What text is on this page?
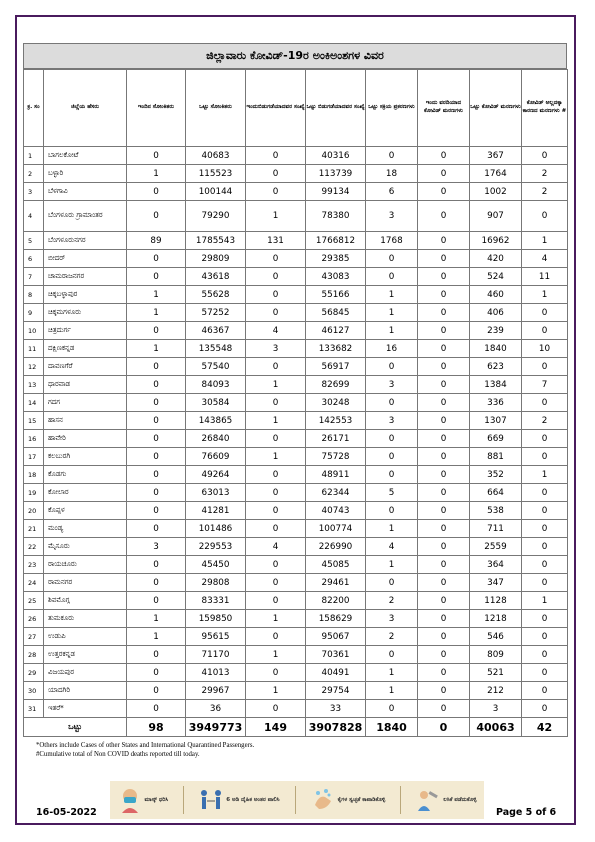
ಜಿಲ್ಲಾವಾರು ಕೋವಿಡ್-19ರ ಅಂಕಿಅಂಶಗಳ ವಿವರ
ಕ್ರ. ಸಂ	ಜಿಲ್ಲೆಯ ಹೆಸರು	ಇಂದಿನ ಸೋಂಕಿತರು	ಒಟ್ಟು ಸೋಂಕಿತರು	ಇಂದುಬಿಡುಗಡೆಯಾದವರ ಸಂಖ್ಯೆ	ಒಟ್ಟು ಬಿಡುಗಡೆಯಾದವರ ಸಂಖ್ಯೆ	ಒಟ್ಟು ಸಕ್ರಿಯ ಪ್ರಕರಣಗಳು	ಇಂದು ವರದಿಯಾದ ಕೋವಿಡ್ ಮರಣಗಳು	ಒಟ್ಟು ಕೋವಿಡ್ ಮರಣಗಳು	ಕೋವಿಡ್ ಅಲ್ಲದಕ್ಕಾ ಕಾರಣದ ಮರಣಗಳು #
1	ಬಾಗಲಕೋಟೆ	0	40683	0	40316	0	0	367	0
2	ಬಳ್ಳಾರಿ	1	115523	0	113739	18	0	1764	2
3	ಬೆಳಗಾವಿ	0	100144	0	99134	6	0	1002	2
4	ಬೆಂಗಳೂರು ಗ್ರಾಮಾಂತರ	0	79290	1	78380	3	0	907	0
5	ಬೆಂಗಳೂರುನಗರ	89	1785543	131	1766812	1768	0	16962	1
6	ಬೀದರ್	0	29809	0	29385	0	0	420	4
7	ಚಾಮರಾಜನಗರ	0	43618	0	43083	0	0	524	11
8	ಚಿಕ್ಕಬಳ್ಳಾಪುರ	1	55628	0	55166	1	0	460	1
9	ಚಿಕ್ಕಮಗಳೂರು	1	57252	0	56845	1	0	406	0
10	ಚಿತ್ರದುರ್ಗ	0	46367	4	46127	1	0	239	0
11	ದಕ್ಷಿಣಕನ್ನಡ	1	135548	3	133682	16	0	1840	10
12	ದಾವಣಗೆರೆ	0	57540	0	56917	0	0	623	0
13	ಧಾರವಾಡ	0	84093	1	82699	3	0	1384	7
14	ಗದಗ	0	30584	0	30248	0	0	336	0
15	ಹಾಸನ	0	143865	1	142553	3	0	1307	2
16	ಹಾವೇರಿ	0	26840	0	26171	0	0	669	0
17	ಕಲಬುರಗಿ	0	76609	1	75728	0	0	881	0
18	ಕೊಡಗು	0	49264	0	48911	0	0	352	1
19	ಕೋಲಾರ	0	63013	0	62344	5	0	664	0
20	ಕೊಪ್ಪಳ	0	41281	0	40743	0	0	538	0
21	ಮಂಡ್ಯ	0	101486	0	100774	1	0	711	0
22	ಮೈಸೂರು	3	229553	4	226990	4	0	2559	0
23	ರಾಯಚೂರು	0	45450	0	45085	1	0	364	0
24	ರಾಮನಗರ	0	29808	0	29461	0	0	347	0
25	ಶಿವಮೊಗ್ಗ	0	83331	0	82200	2	0	1128	1
26	ತುಮಕೂರು	1	159850	1	158629	3	0	1218	0
27	ಉಡುಪಿ	1	95615	0	95067	2	0	546	0
28	ಉತ್ತರಕನ್ನಡ	0	71170	1	70361	0	0	809	0
29	ವಿಜಯಪುರ	0	41013	0	40491	1	0	521	0
30	ಯಾದಗಿರಿ	0	29967	1	29754	1	0	212	0
31	ಇತರೆ*	0	36	0	33	0	0	3	0
ಒಟ್ಟು		98	3949773	149	3907828	1840	0	40063	42
*Others include Cases of other States and International Quarantined Passengers.
#Cumulative total of Non COVID deaths reported till today.
ಮಾಸ್ಕ್ ಧರಿಸಿ	6 ಅಡಿ ದೈಹಿಕ ಅಂತರ ಪಾಲಿಸಿ	ಕೈಗಳ ಸ್ವಚ್ಛತೆ ಕಾಪಾಡಿಕೊಳ್ಳಿ	ಲಸಿಕೆ ಪಡೆದುಕೊಳ್ಳಿ
16-05-2022	Page 5 of 6
